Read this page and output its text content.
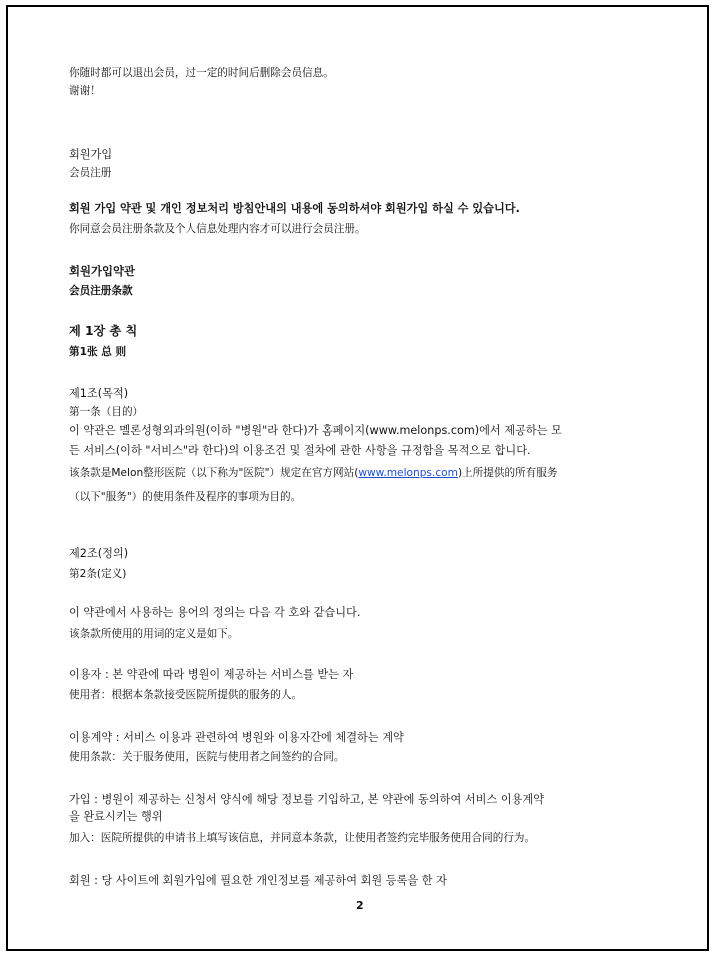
你随时都可以退出会员，过一定的时间后删除会员信息。
谢谢！
회원가입
会员注册
회원 가입 약관 및 개인 정보처리 방침안내의 내용에 동의하셔야 회원가입 하실 수 있습니다.
你同意会员注册条款及个人信息处理内容才可以进行会员注册。
회원가입약관
会员注册条款
제 1장 총 칙
第1张 总 则
제1조(목적)
第一条（目的）
이 약관은 멜론성형외과의원(이하 "병원"라 한다)가 홈페이지(www.melonps.com)에서 제공하는 모
든 서비스(이하 "서비스"라 한다)의 이용조건 및 절차에 관한 사항을 규정함을 목적으로 합니다.
该条款是Melon整形医院（以下称为"医院"）规定在官方网站(www.melonps.com)上所提供的所有服务
（以下"服务"）的使用条件及程序的事项为目的。
제2조(정의)
第2条(定义)
이 약관에서 사용하는 용어의 정의는 다음 각 호와 같습니다.
该条款所使用的用词的定义是如下。
이용자 : 본 약관에 따라 병원이 제공하는 서비스를 받는 자
使用者：根据本条款接受医院所提供的服务的人。
이용계약 : 서비스 이용과 관련하여 병원와 이용자간에 체결하는 계약
使用条款：关于服务使用，医院与使用者之间签约的合同。
가입 : 병원이 제공하는 신청서 양식에 해당 정보를 기입하고, 본 약관에 동의하여 서비스 이용계약
을 완료시키는 행위
加入：医院所提供的申请书上填写该信息，并同意本条款，让使用者签约完毕服务使用合同的行为。
회원 : 당 사이트에 회원가입에 필요한 개인정보를 제공하여 회원 등록을 한 자
2
